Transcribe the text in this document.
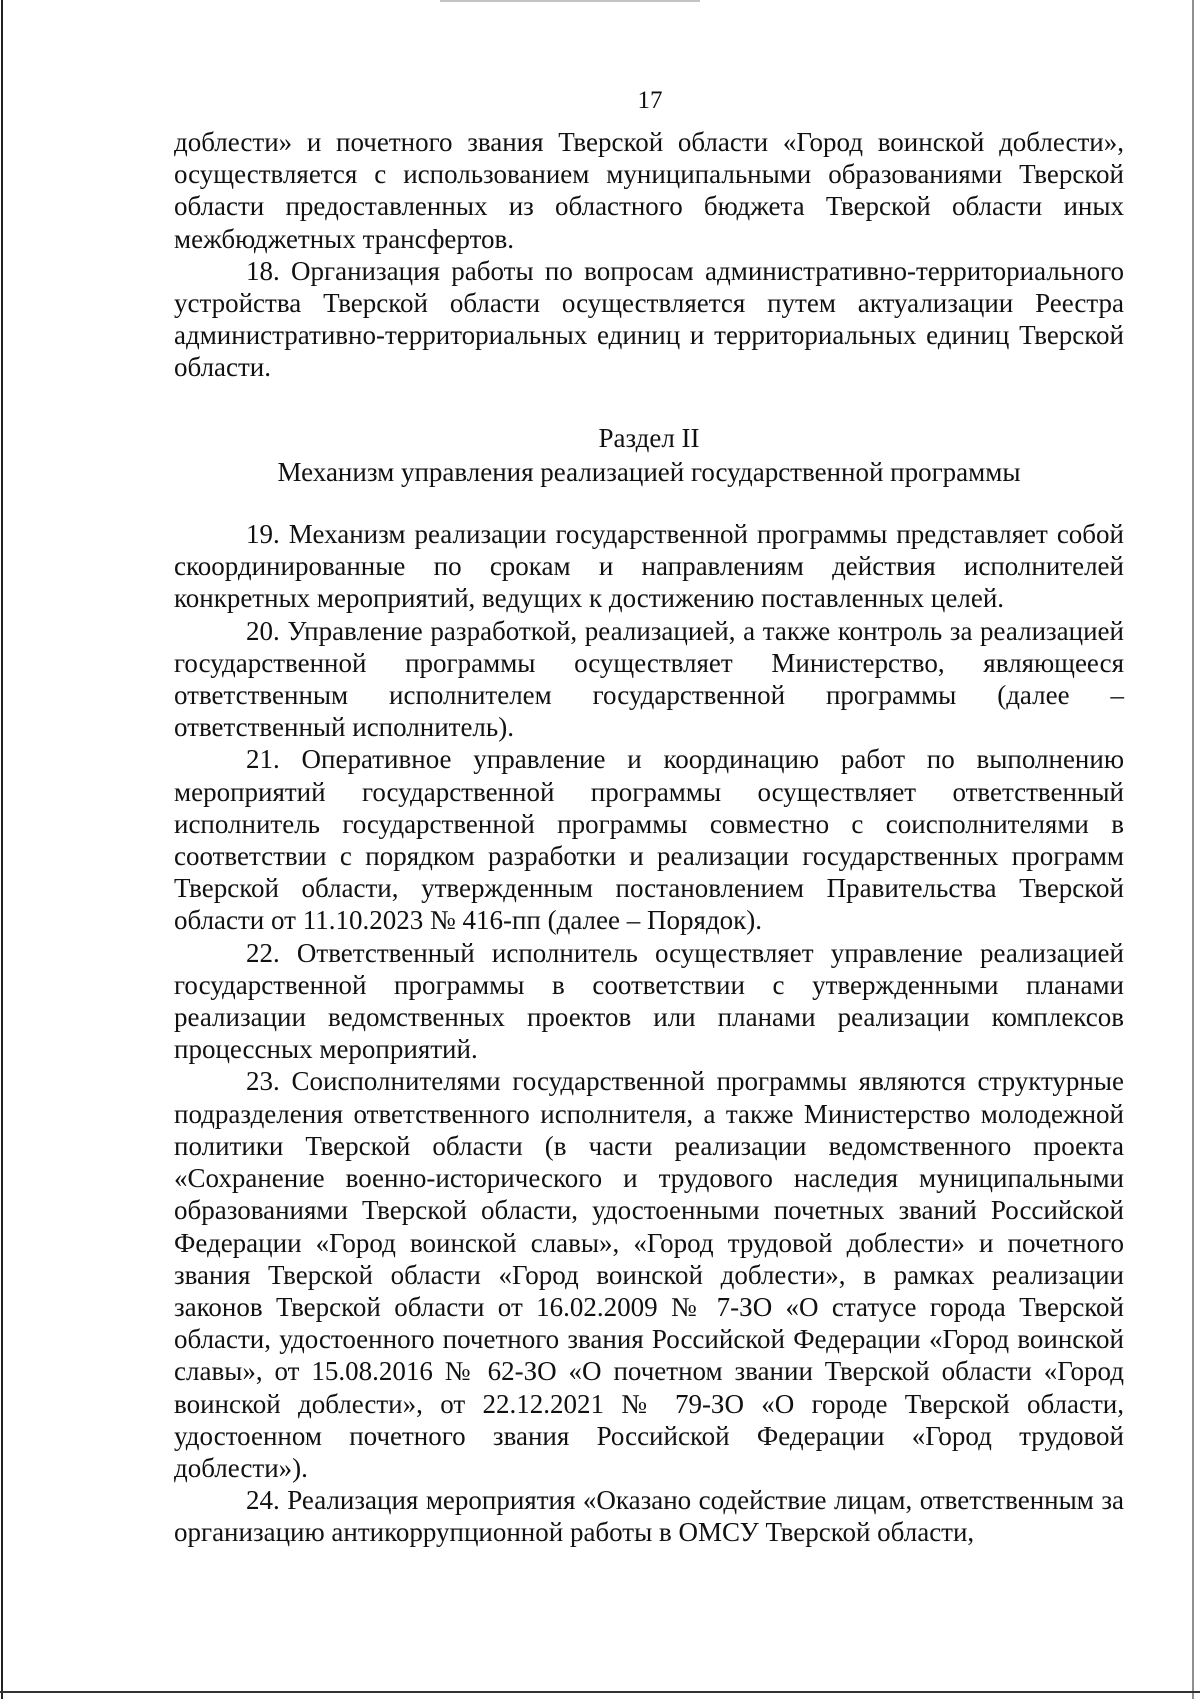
17

доблести» и почетного звания Тверской области «Город воинской доблести», осуществляется с использованием муниципальными образованиями Тверской области предоставленных из областного бюджета Тверской области иных межбюджетных трансфертов.

18. Организация работы по вопросам административно-территориального устройства Тверской области осуществляется путем актуализации Реестра административно-территориальных единиц и территориальных единиц Тверской области.

Раздел II

Механизм управления реализацией государственной программы

19. Механизм реализации государственной программы представляет собой скоординированные по срокам и направлениям действия исполнителей конкретных мероприятий, ведущих к достижению поставленных целей.

20. Управление разработкой, реализацией, а также контроль за реализацией государственной программы осуществляет Министерство, являющееся ответственным исполнителем государственной программы (далее – ответственный исполнитель).

21. Оперативное управление и координацию работ по выполнению мероприятий государственной программы осуществляет ответственный исполнитель государственной программы совместно с соисполнителями в соответствии с порядком разработки и реализации государственных программ Тверской области, утвержденным постановлением Правительства Тверской области от 11.10.2023 № 416-пп (далее – Порядок).

22. Ответственный исполнитель осуществляет управление реализацией государственной программы в соответствии с утвержденными планами реализации ведомственных проектов или планами реализации комплексов процессных мероприятий.

23. Соисполнителями государственной программы являются структурные подразделения ответственного исполнителя, а также Министерство молодежной политики Тверской области (в части реализации ведомственного проекта «Сохранение военно-исторического и трудового наследия муниципальными образованиями Тверской области, удостоенными почетных званий Российской Федерации «Город воинской славы», «Город трудовой доблести» и почетного звания Тверской области «Город воинской доблести», в рамках реализации законов Тверской области от 16.02.2009 № 7-ЗО «О статусе города Тверской области, удостоенного почетного звания Российской Федерации «Город воинской славы», от 15.08.2016 № 62-ЗО «О почетном звании Тверской области «Город воинской доблести», от 22.12.2021 № 79-ЗО «О городе Тверской области, удостоенном почетного звания Российской Федерации «Город трудовой доблести»).

24. Реализация мероприятия «Оказано содействие лицам, ответственным за организацию антикоррупционной работы в ОМСУ Тверской области,
